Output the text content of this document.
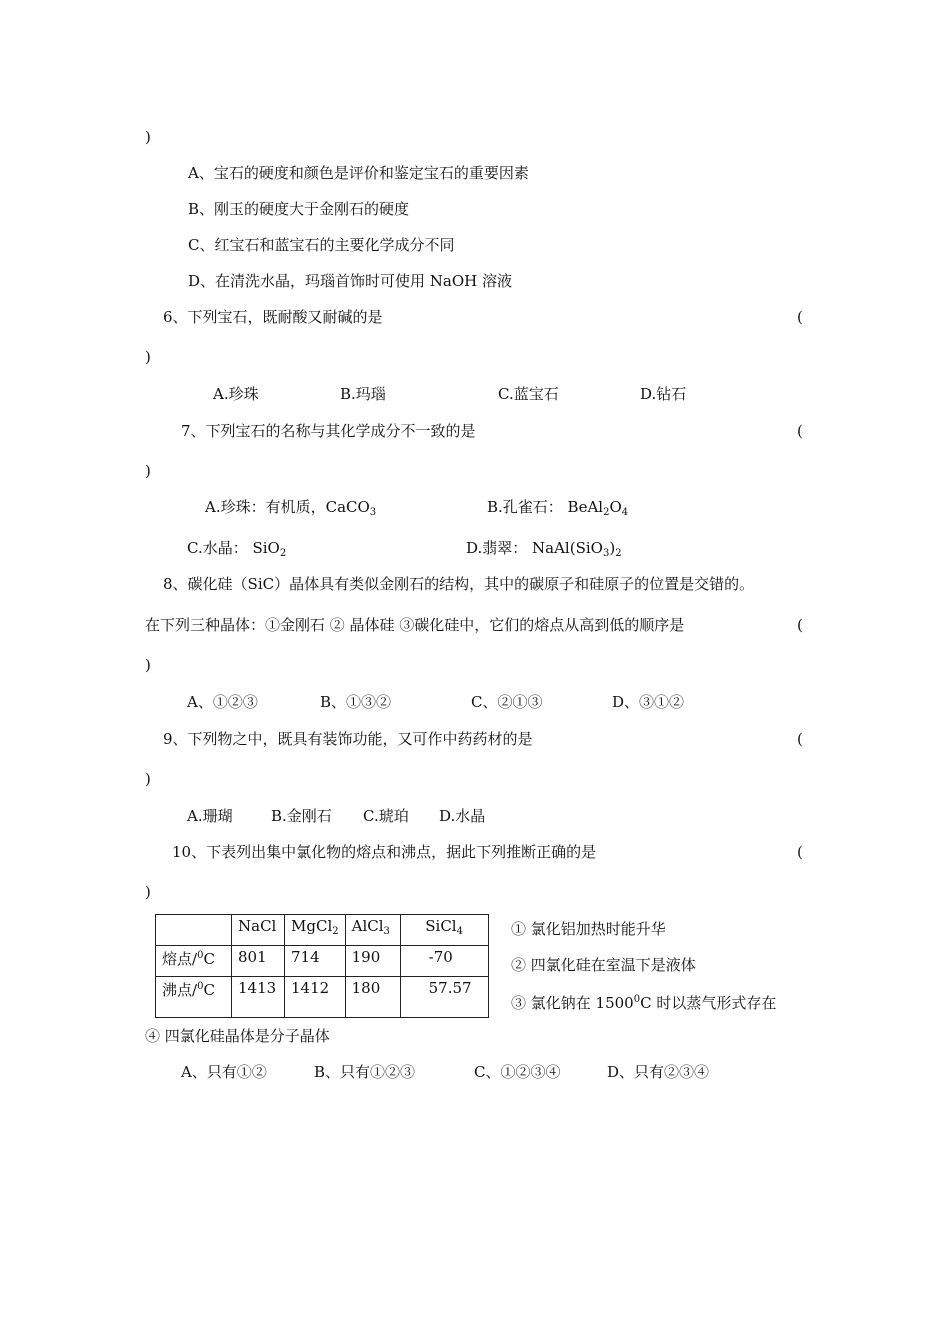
)
A、宝石的硬度和颜色是评价和鉴定宝石的重要因素
B、刚玉的硬度大于金刚石的硬度
C、红宝石和蓝宝石的主要化学成分不同
D、在清洗水晶，玛瑙首饰时可使用 NaOH 溶液
6、下列宝石，既耐酸又耐碱的是	(
)
A.珍珠	B.玛瑙	C.蓝宝石	D.钻石
7、下列宝石的名称与其化学成分不一致的是	(
)
A.珍珠：有机质，CaCO$_3$	B.孔雀石： $BeAl_2O_4$
C.水晶： SiO$_2$	D.翡翠： $NaAl(SiO_3)_2$
8、碳化硅（SiC）晶体具有类似金刚石的结构，其中的碳原子和硅原子的位置是交错的。
在下列三种晶体：①金刚石 ② 晶体硅 ③碳化硅中，它们的熔点从高到低的顺序是	(
)
A、①②③	B、①③②	C、②①③	D、③①②
9、下列物之中，既具有装饰功能，又可作中药药材的是	(
)
A.珊瑚	B.金刚石 C.琥珀 D.水晶
10、下表列出集中氯化物的熔点和沸点，据此下列推断正确的是	(
)
	NaCl	MgCl$_2$	AlCl$_3$	SiCl$_4$
熔点/$^0$C	801	714	190	-70
沸点/$^0$C	1413	1412	180	57.57
① 氯化铝加热时能升华
② 四氯化硅在室温下是液体
③ 氯化钠在 1500$^0$C 时以蒸气形式存在
④ 四氯化硅晶体是分子晶体
A、只有①②	B、只有①②③	C、①②③④	D、只有②③④
